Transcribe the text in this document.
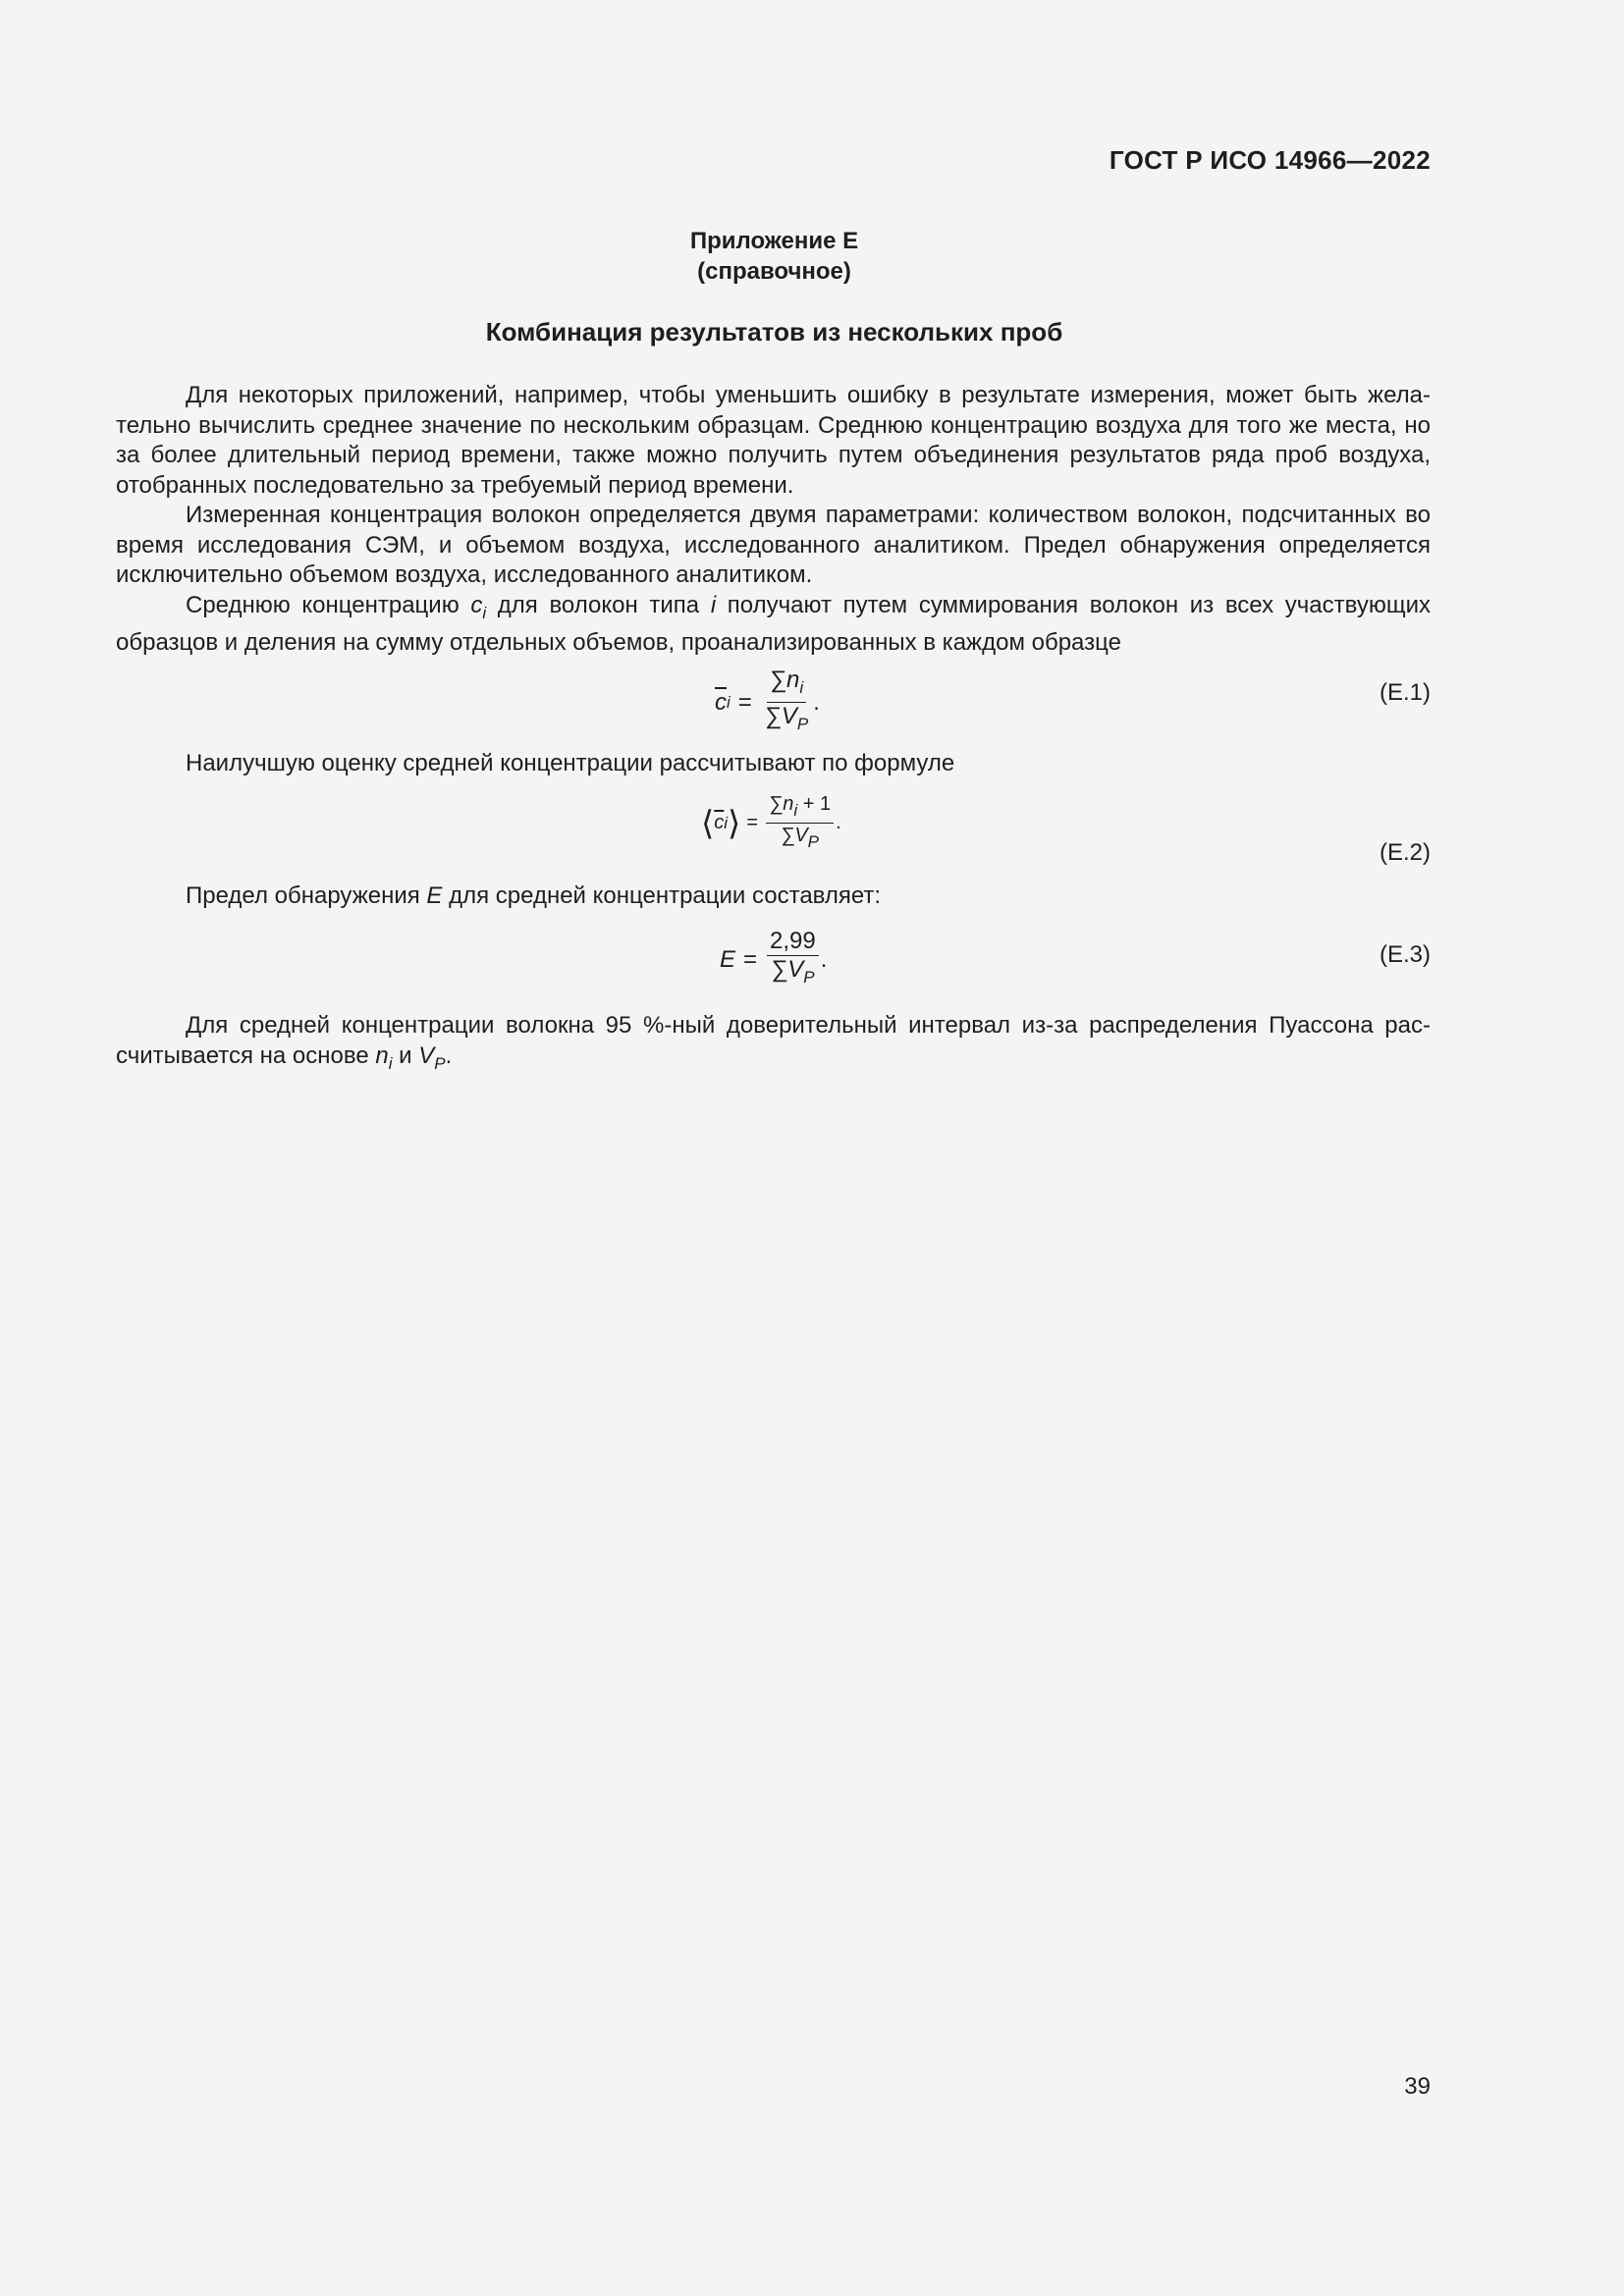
ГОСТ Р ИСО 14966—2022
Приложение Е
(справочное)
Комбинация результатов из нескольких проб

Для некоторых приложений, например, чтобы уменьшить ошибку в результате измерения, может быть желательно вычислить среднее значение по нескольким образцам. Среднюю концентрацию воздуха для того же места, но за более длительный период времени, также можно получить путем объединения результатов ряда проб воздуха, отобранных последовательно за требуемый период времени.

Измеренная концентрация волокон определяется двумя параметрами: количеством волокон, подсчитанных во время исследования СЭМ, и объемом воздуха, исследованного аналитиком. Предел обнаружения определяется исключительно объемом воздуха, исследованного аналитиком.

Среднюю концентрацию $c_i$ для волокон типа i получают путем суммирования волокон из всех участвующих образцов и деления на сумму отдельных объемов, проанализированных в каждом образце

$\overline{c}$ $i = \frac{\sum n_i}{\sum V_P}$ .	(Е.1)

Наилучшую оценку средней концентрации рассчитывают по формуле

⟨ $\overline{c}$ i ⟩ = $\frac{\sum n_i + 1}{\sum V_P}$ .
(Е.2)

Предел обнаружения E для средней концентрации составляет:

$E = \frac{2,99}{\sum V_P}$ .	(Е.3)

Для средней концентрации волокна 95 %-ный доверительный интервал из-за распределения Пуассона рассчитывается на основе $n_i$ и $V_P$.

39
